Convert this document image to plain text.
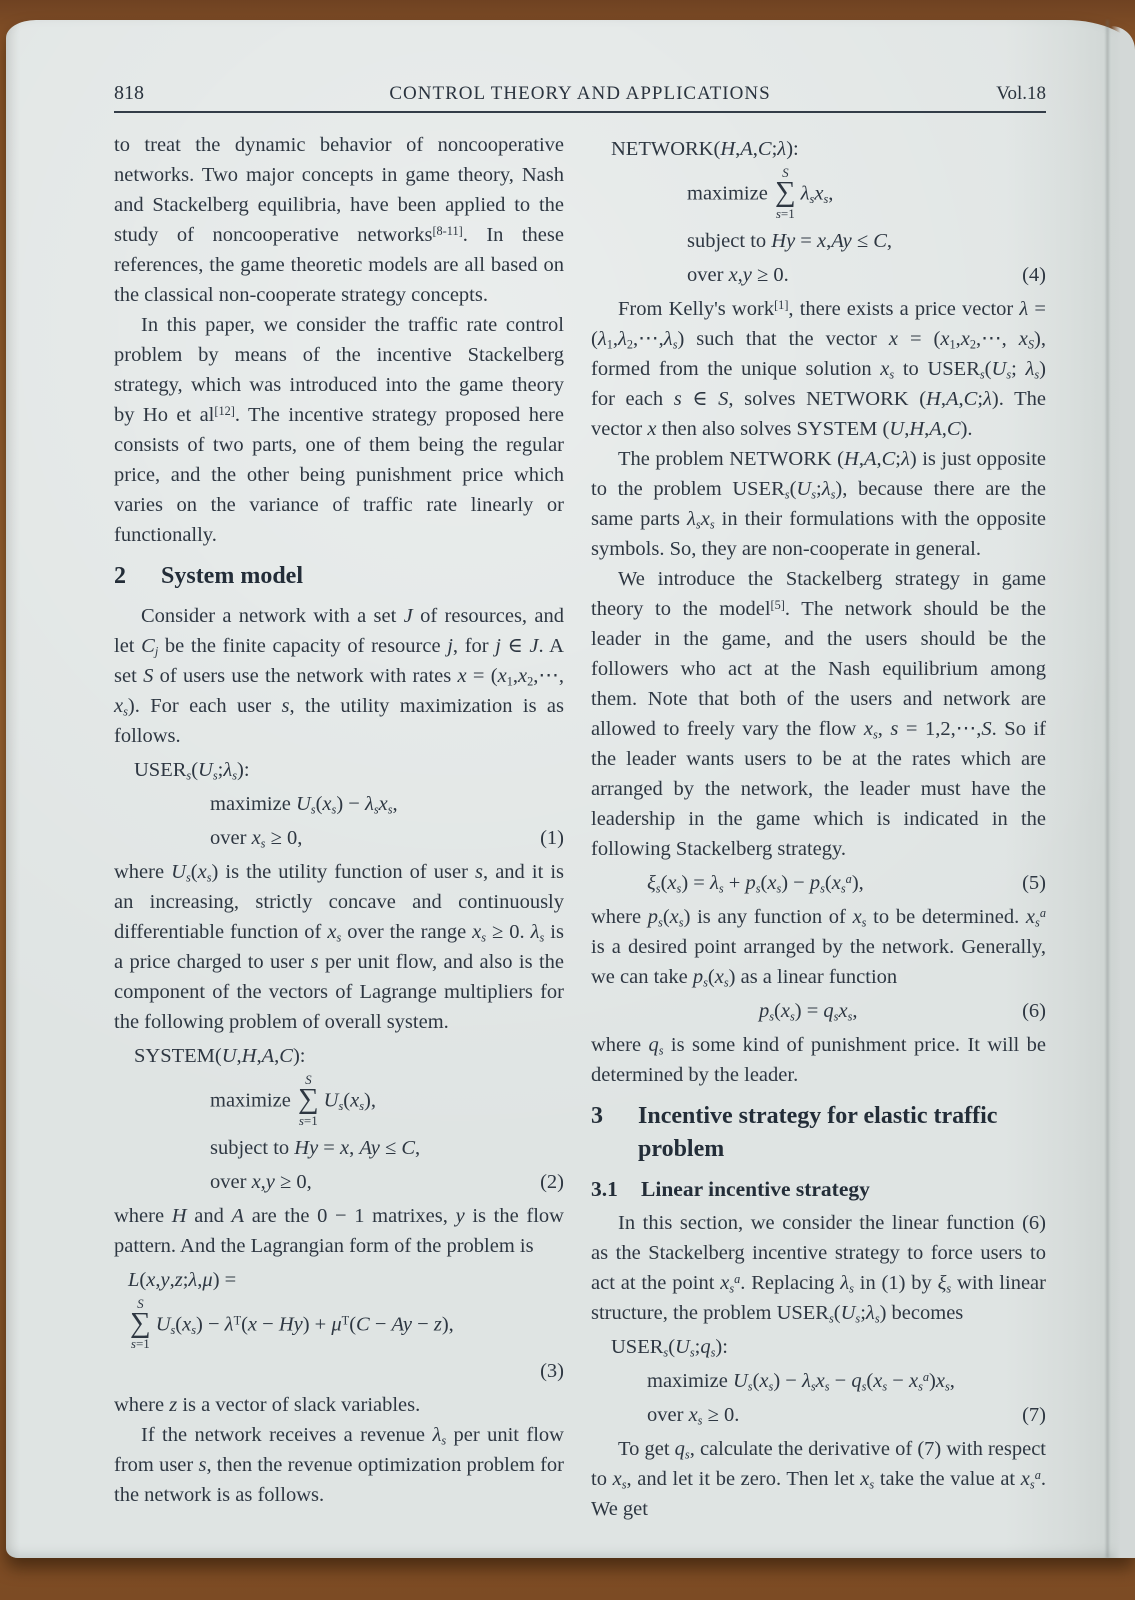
818	CONTROL THEORY AND APPLICATIONS	Vol.18
to treat the dynamic behavior of noncooperative networks. Two major concepts in game theory, Nash and Stackelberg equilibria, have been applied to the study of noncooperative networks[8-11]. In these references, the game theoretic models are all based on the classical non-cooperate strategy concepts.
In this paper, we consider the traffic rate control problem by means of the incentive Stackelberg strategy, which was introduced into the game theory by Ho et al[12]. The incentive strategy proposed here consists of two parts, one of them being the regular price, and the other being punishment price which varies on the variance of traffic rate linearly or functionally.
2	System model
Consider a network with a set J of resources, and let $C_j$ be the finite capacity of resource j, for j ∈ J. A set S of users use the network with rates $x = (x_1,x_2,\cdots$, $x_s$). For each user s, the utility maximization is as follows.
$USER_s(U_s;\lambda_s)$:
maximize $U_s(x_s) - \lambda_sx_s$,
over $x_s \ge 0$,	(1)
where $U_s(x_s)$ is the utility function of user s, and it is an increasing, strictly concave and continuously differentiable function of $x_s$ over the range $x_s \ge 0$. $\lambda_s$ is a price charged to user s per unit flow, and also is the component of the vectors of Lagrange multipliers for the following problem of overall system.
SYSTEM(U,H,A,C):
maximize
S
∑
s=1
$U_s(x_s)$,
subject to Hy = x, Ay ≤ C,
over x,y ≥ 0,	(2)
where H and A are the 0 − 1 matrixes, y is the flow pattern. And the Lagrangian form of the problem is
L(x,y,z;λ,μ) =
S
∑
s=1
$U_s(x_s) - \lambda^T(x - Hy) + \mu^T(C - Ay - z)$,
(3)
where z is a vector of slack variables.
If the network receives a revenue $\lambda_s$ per unit flow from user s, then the revenue optimization problem for the network is as follows.
NETWORK(H,A,C;λ):
maximize
S
∑
s=1
$\lambda_sx_s$,
subject to Hy = x,Ay ≤ C,
over x,y ≥ 0.	(4)
From Kelly's work[1], there exists a price vector $\lambda = (\lambda_1,\lambda_2,\cdots,\lambda_s)$ such that the vector $x = (x_1,x_2,\cdots$, $x_S$), formed from the unique solution $x_s$ to $USER_s(U_s$; $\lambda_s$) for each s ∈ S, solves NETWORK (H,A,C;λ). The vector x then also solves SYSTEM (U,H,A,C).
The problem NETWORK (H,A,C;λ) is just opposite to the problem $USER_s(U_s;\lambda_s)$, because there are the same parts $\lambda_sx_s$ in their formulations with the opposite symbols. So, they are non-cooperate in general.
We introduce the Stackelberg strategy in game theory to the model[5]. The network should be the leader in the game, and the users should be the followers who act at the Nash equilibrium among them. Note that both of the users and network are allowed to freely vary the flow $x_s$, s = 1,2,⋯,S. So if the leader wants users to be at the rates which are arranged by the network, the leader must have the leadership in the game which is indicated in the following Stackelberg strategy.
$\xi_s(x_s) = \lambda_s + p_s(x_s) - p_s(x_s^a)$,	(5)
where $p_s(x_s)$ is any function of $x_s$ to be determined. $x_s^a$ is a desired point arranged by the network. Generally, we can take $p_s(x_s)$ as a linear function
$p_s(x_s) = q_sx_s$,	(6)
where $q_s$ is some kind of punishment price. It will be determined by the leader.
3	Incentive strategy for elastic traffic problem
3.1	Linear incentive strategy
In this section, we consider the linear function (6) as the Stackelberg incentive strategy to force users to act at the point $x_s^a$. Replacing $\lambda_s$ in (1) by $\xi_s$ with linear structure, the problem $USER_s(U_s;\lambda_s)$ becomes
$USER_s(U_s;q_s)$:
maximize $U_s(x_s) - \lambda_sx_s - q_s(x_s - x_s^a)x_s$,
over $x_s \ge 0$.	(7)
To get $q_s$, calculate the derivative of (7) with respect to $x_s$, and let it be zero. Then let $x_s$ take the value at $x_s^a$. We get
